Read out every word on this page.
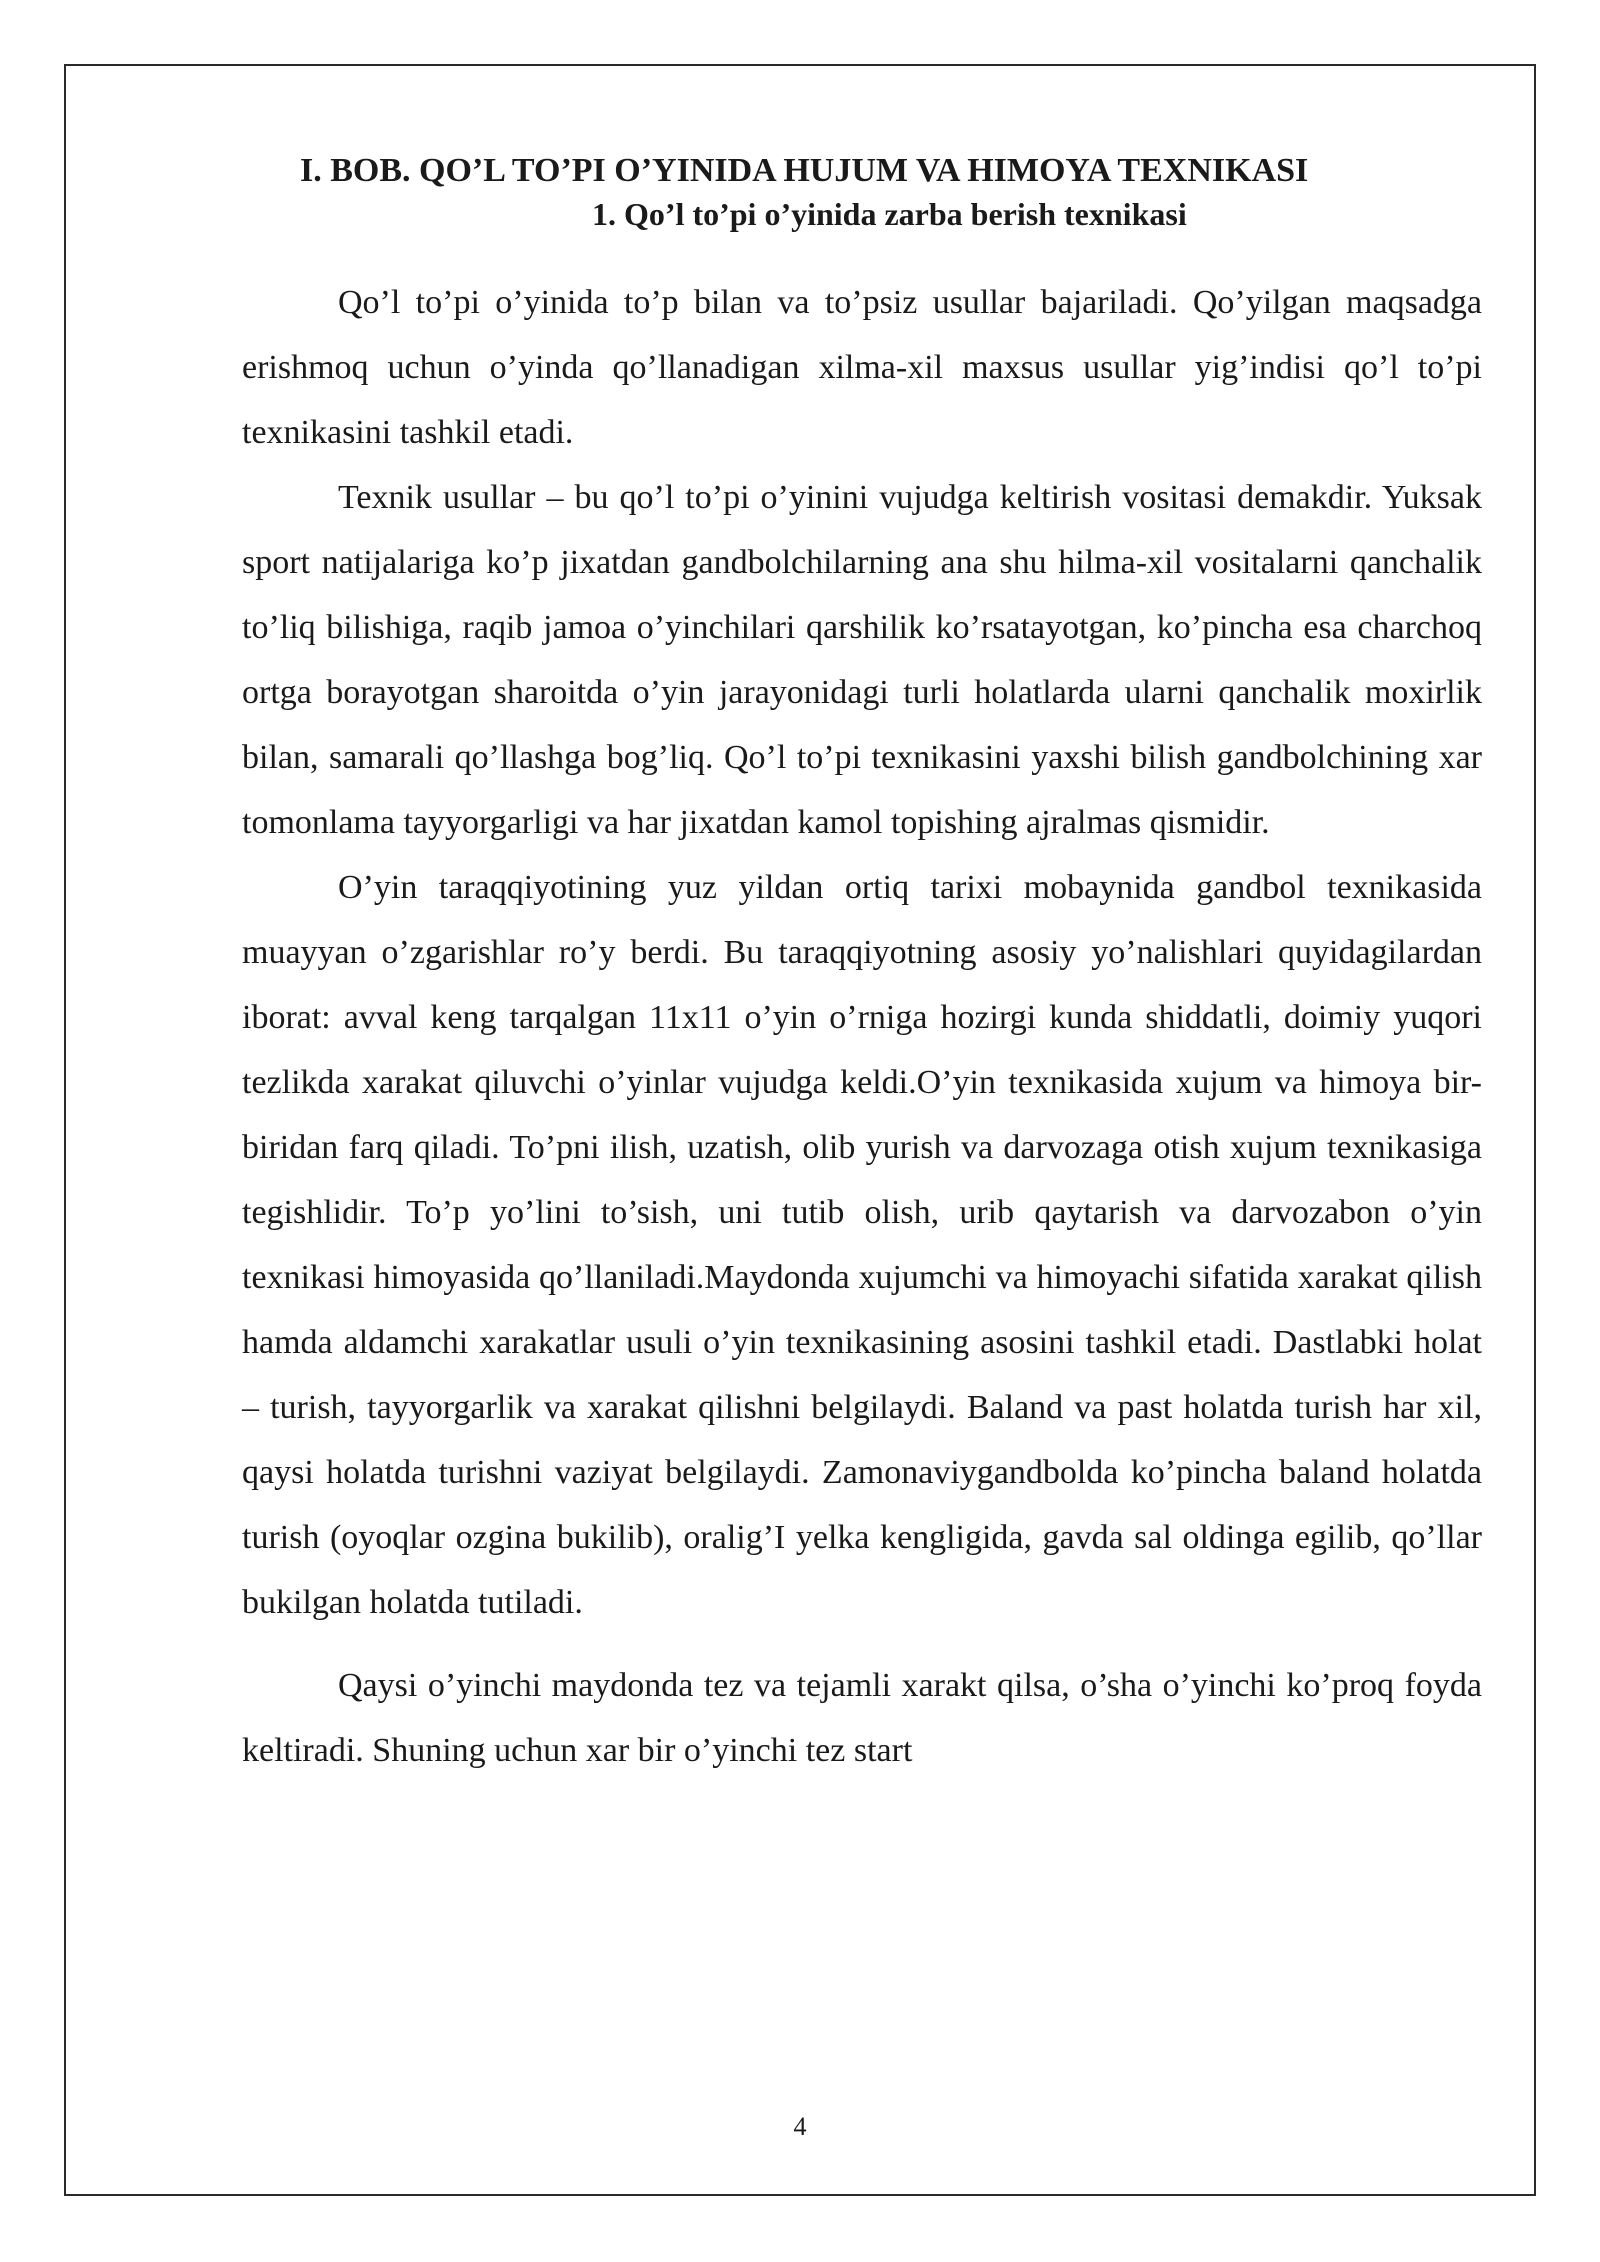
I. BOB. QO’L TO’PI O’YINIDA HUJUM VA HIMOYA TEXNIKASI
1. Qo’l to’pi o’yinida zarba berish texnikasi

Qo’l to’pi o’yinida to’p bilan va to’psiz usullar bajariladi. Qo’yilgan maqsadga erishmoq uchun o’yinda qo’llanadigan xilma-xil maxsus usullar yig’indisi qo’l to’pi texnikasini tashkil etadi.

Texnik usullar – bu qo’l to’pi o’yinini vujudga keltirish vositasi demakdir. Yuksak sport natijalariga ko’p jixatdan gandbolchilarning ana shu hilma-xil vositalarni qanchalik to’liq bilishiga, raqib jamoa o’yinchilari qarshilik ko’rsatayotgan, ko’pincha esa charchoq ortga borayotgan sharoitda o’yin jarayonidagi turli holatlarda ularni qanchalik moxirlik bilan, samarali qo’llashga bog’liq. Qo’l to’pi texnikasini yaxshi bilish gandbolchining xar tomonlama tayyorgarligi va har jixatdan kamol topishing ajralmas qismidir.

O’yin taraqqiyotining yuz yildan ortiq tarixi mobaynida gandbol texnikasida muayyan o’zgarishlar ro’y berdi. Bu taraqqiyotning asosiy yo’nalishlari quyidagilardan iborat: avval keng tarqalgan 11x11 o’yin o’rniga hozirgi kunda shiddatli, doimiy yuqori tezlikda xarakat qiluvchi o’yinlar vujudga keldi.O’yin texnikasida xujum va himoya bir-biridan farq qiladi. To’pni ilish, uzatish, olib yurish va darvozaga otish xujum texnikasiga tegishlidir. To’p yo’lini to’sish, uni tutib olish, urib qaytarish va darvozabon o’yin texnikasi himoyasida qo’llaniladi.Maydonda xujumchi va himoyachi sifatida xarakat qilish hamda aldamchi xarakatlar usuli o’yin texnikasining asosini tashkil etadi. Dastlabki holat – turish, tayyorgarlik va xarakat qilishni belgilaydi. Baland va past holatda turish har xil, qaysi holatda turishni vaziyat belgilaydi. Zamonaviygandbolda ko’pincha baland holatda turish (oyoqlar ozgina bukilib), oralig’I yelka kengligida, gavda sal oldinga egilib, qo’llar bukilgan holatda tutiladi.

Qaysi o’yinchi maydonda tez va tejamli xarakt qilsa, o’sha o’yinchi ko’proq foyda keltiradi. Shuning uchun xar bir o’yinchi tez start

4
